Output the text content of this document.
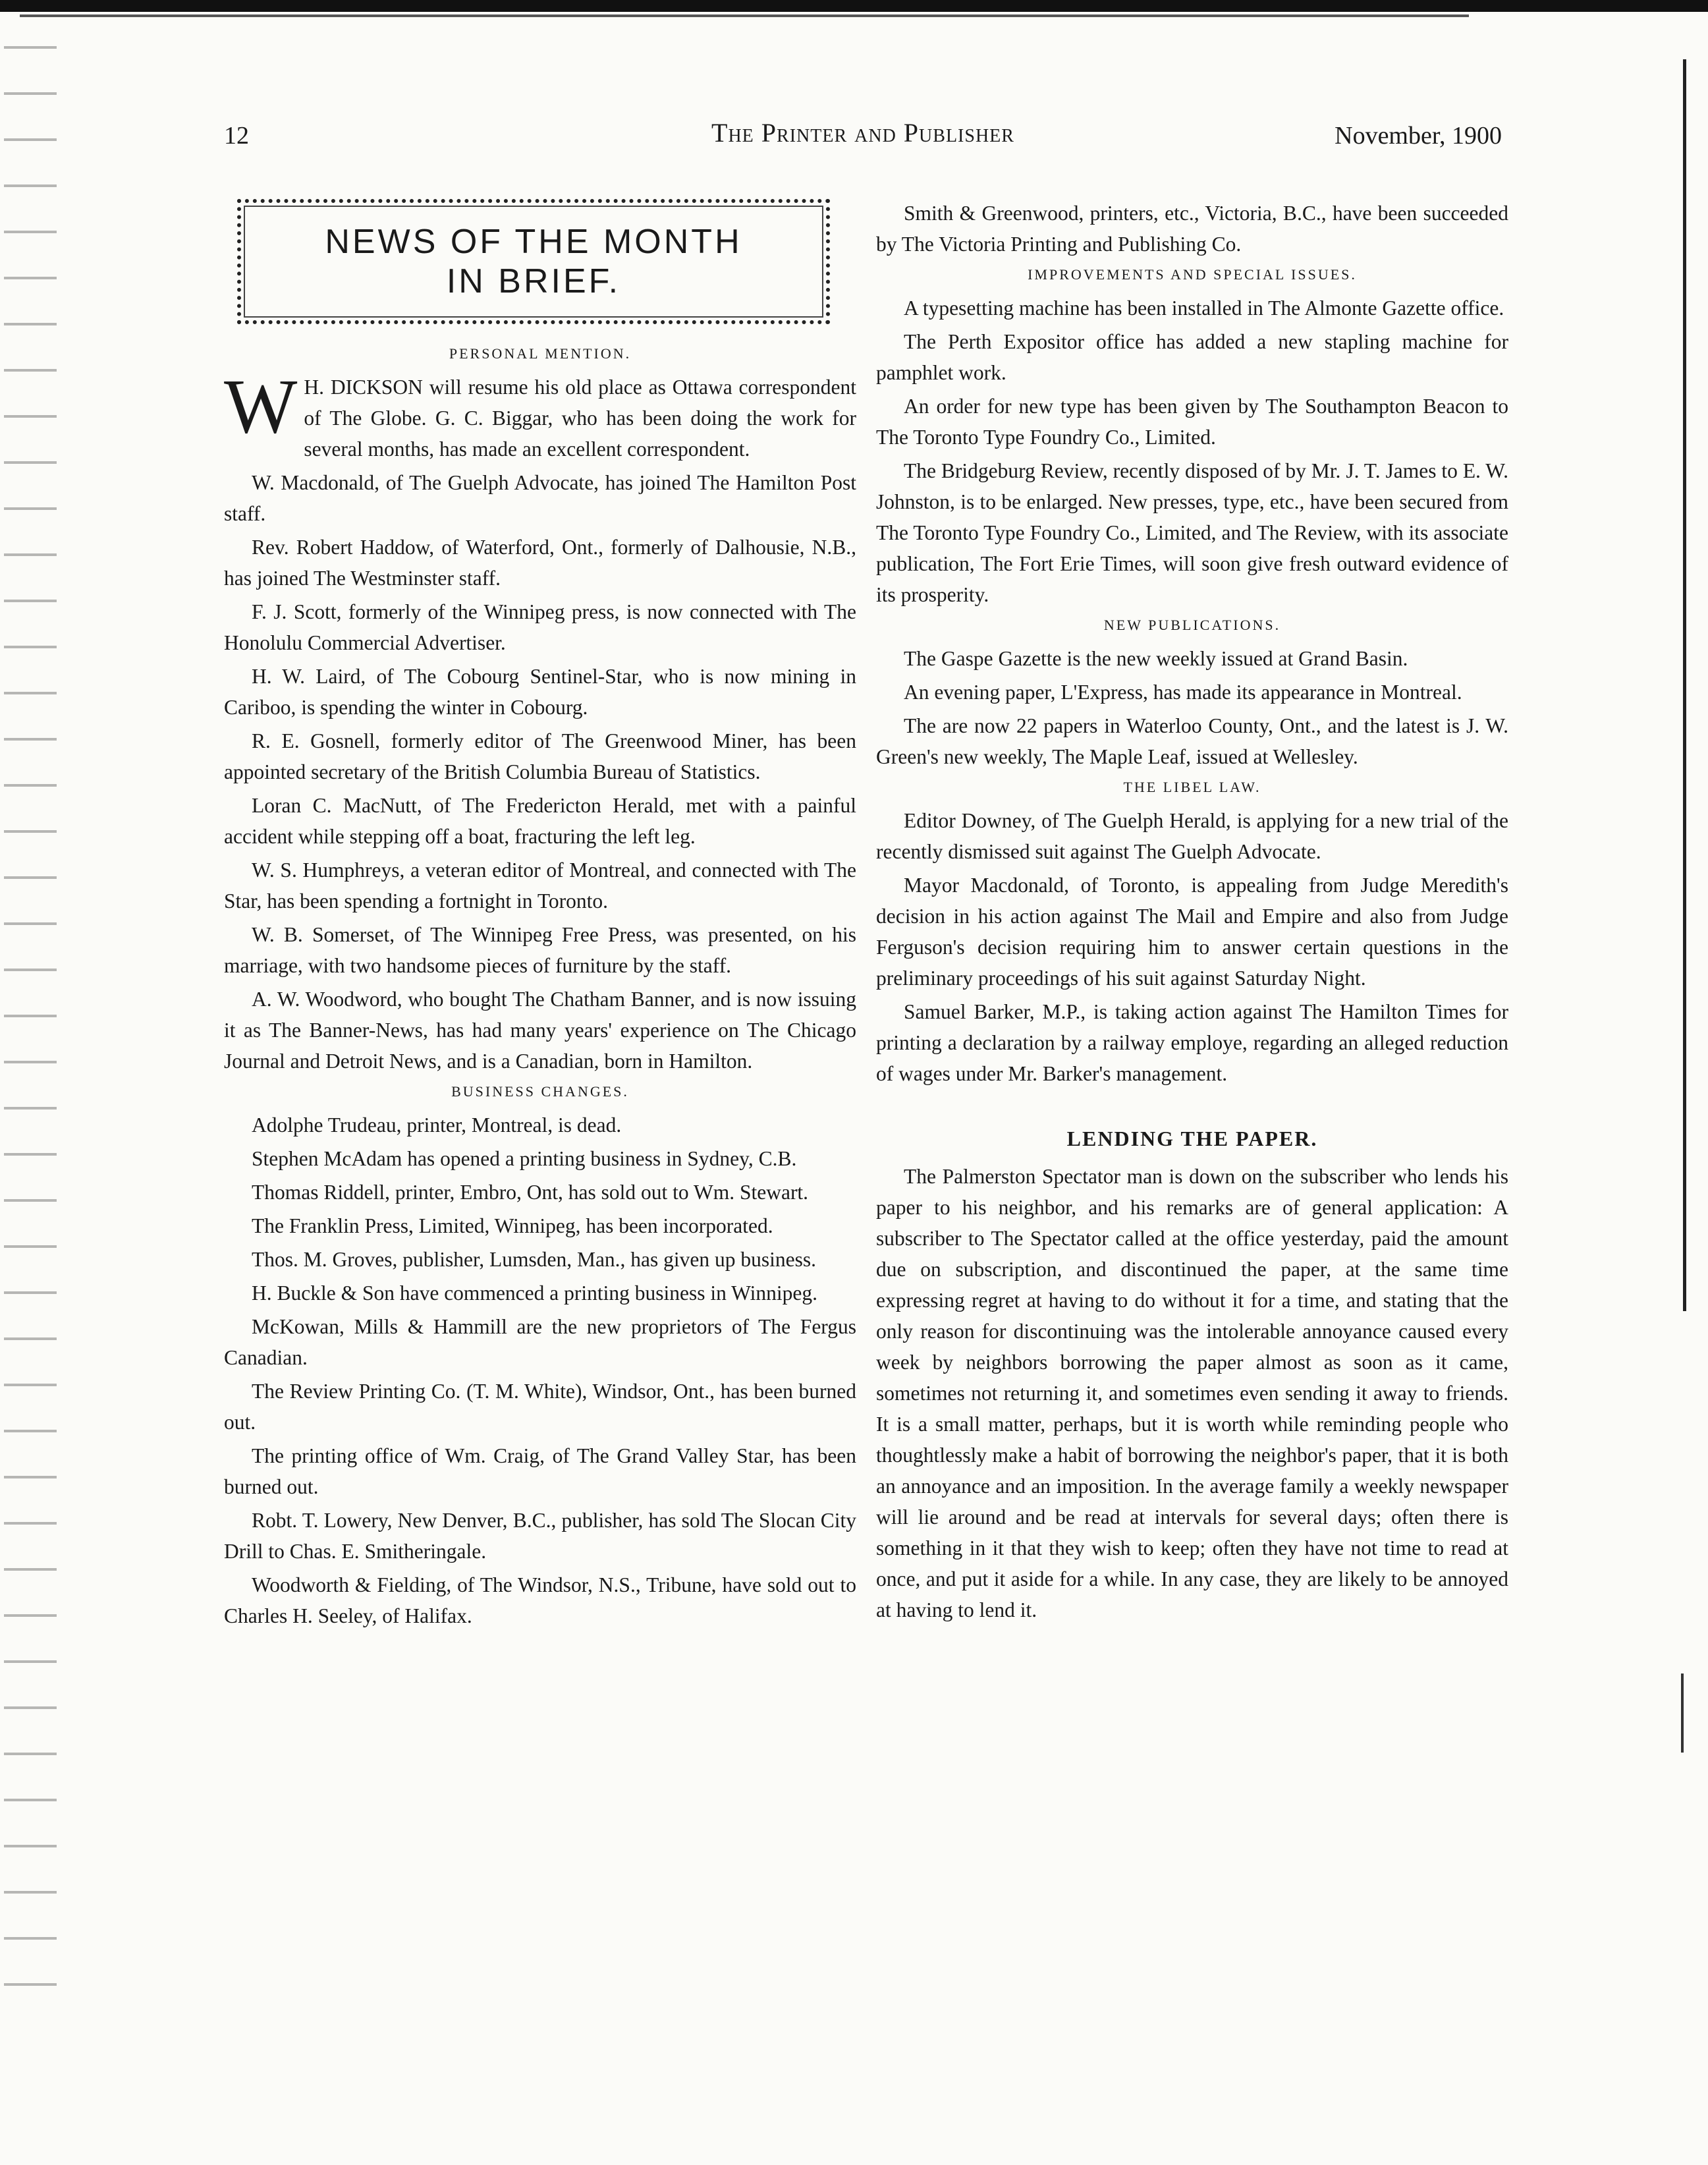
12	The Printer and Publisher	November, 1900
NEWS OF THE MONTH
IN BRIEF.
PERSONAL MENTION.

W H. DICKSON will resume his old place as Ottawa correspondent of The Globe. G. C. Biggar, who has been doing the work for several months, has made an excellent correspondent.

W. Macdonald, of The Guelph Advocate, has joined The Hamilton Post staff.

Rev. Robert Haddow, of Waterford, Ont., formerly of Dalhousie, N.B., has joined The Westminster staff.

F. J. Scott, formerly of the Winnipeg press, is now connected with The Honolulu Commercial Advertiser.

H. W. Laird, of The Cobourg Sentinel-Star, who is now mining in Cariboo, is spending the winter in Cobourg.

R. E. Gosnell, formerly editor of The Greenwood Miner, has been appointed secretary of the British Columbia Bureau of Statistics.

Loran C. MacNutt, of The Fredericton Herald, met with a painful accident while stepping off a boat, fracturing the left leg.

W. S. Humphreys, a veteran editor of Montreal, and connected with The Star, has been spending a fortnight in Toronto.

W. B. Somerset, of The Winnipeg Free Press, was presented, on his marriage, with two handsome pieces of furniture by the staff.

A. W. Woodword, who bought The Chatham Banner, and is now issuing it as The Banner-News, has had many years' experience on The Chicago Journal and Detroit News, and is a Canadian, born in Hamilton.

BUSINESS CHANGES.

Adolphe Trudeau, printer, Montreal, is dead.

Stephen McAdam has opened a printing business in Sydney, C.B.

Thomas Riddell, printer, Embro, Ont, has sold out to Wm. Stewart.

The Franklin Press, Limited, Winnipeg, has been incorporated.

Thos. M. Groves, publisher, Lumsden, Man., has given up business.

H. Buckle & Son have commenced a printing business in Winnipeg.

McKowan, Mills & Hammill are the new proprietors of The Fergus Canadian.

The Review Printing Co. (T. M. White), Windsor, Ont., has been burned out.

The printing office of Wm. Craig, of The Grand Valley Star, has been burned out.

Robt. T. Lowery, New Denver, B.C., publisher, has sold The Slocan City Drill to Chas. E. Smitheringale.

Woodworth & Fielding, of The Windsor, N.S., Tribune, have sold out to Charles H. Seeley, of Halifax.

Smith & Greenwood, printers, etc., Victoria, B.C., have been succeeded by The Victoria Printing and Publishing Co.

IMPROVEMENTS AND SPECIAL ISSUES.

A typesetting machine has been installed in The Almonte Gazette office.

The Perth Expositor office has added a new stapling machine for pamphlet work.

An order for new type has been given by The Southampton Beacon to The Toronto Type Foundry Co., Limited.

The Bridgeburg Review, recently disposed of by Mr. J. T. James to E. W. Johnston, is to be enlarged. New presses, type, etc., have been secured from The Toronto Type Foundry Co., Limited, and The Review, with its associate publication, The Fort Erie Times, will soon give fresh outward evidence of its prosperity.

NEW PUBLICATIONS.

The Gaspe Gazette is the new weekly issued at Grand Basin.

An evening paper, L'Express, has made its appearance in Montreal.

The are now 22 papers in Waterloo County, Ont., and the latest is J. W. Green's new weekly, The Maple Leaf, issued at Wellesley.

THE LIBEL LAW.

Editor Downey, of The Guelph Herald, is applying for a new trial of the recently dismissed suit against The Guelph Advocate.

Mayor Macdonald, of Toronto, is appealing from Judge Meredith's decision in his action against The Mail and Empire and also from Judge Ferguson's decision requiring him to answer certain questions in the preliminary proceedings of his suit against Saturday Night.

Samuel Barker, M.P., is taking action against The Hamilton Times for printing a declaration by a railway employe, regarding an alleged reduction of wages under Mr. Barker's management.

LENDING THE PAPER.

The Palmerston Spectator man is down on the subscriber who lends his paper to his neighbor, and his remarks are of general application: A subscriber to The Spectator called at the office yesterday, paid the amount due on subscription, and discontinued the paper, at the same time expressing regret at having to do without it for a time, and stating that the only reason for discontinuing was the intolerable annoyance caused every week by neighbors borrowing the paper almost as soon as it came, sometimes not returning it, and sometimes even sending it away to friends. It is a small matter, perhaps, but it is worth while reminding people who thoughtlessly make a habit of borrowing the neighbor's paper, that it is both an annoyance and an imposition. In the average family a weekly newspaper will lie around and be read at intervals for several days; often there is something in it that they wish to keep; often they have not time to read at once, and put it aside for a while. In any case, they are likely to be annoyed at having to lend it.
